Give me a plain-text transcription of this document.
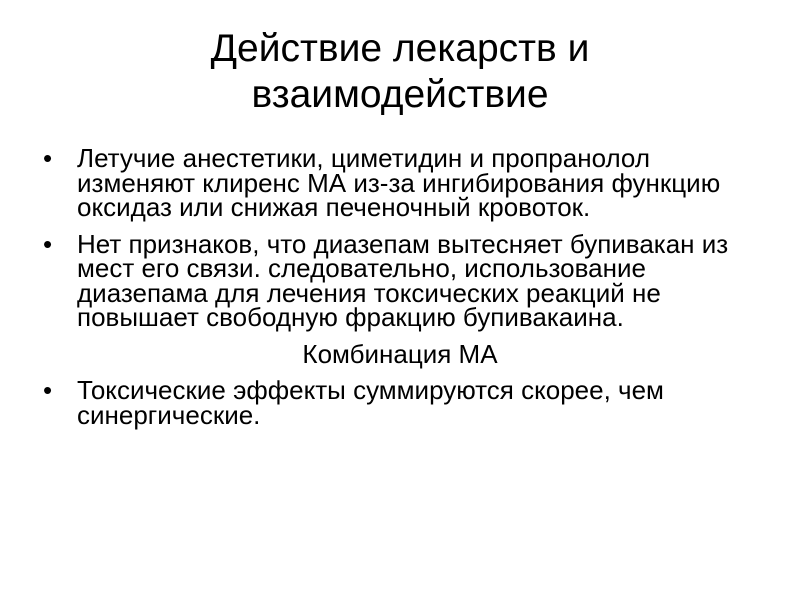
Действие лекарств и
взаимодействие
• Летучие анестетики, циметидин и пропранолол изменяют клиренс МА из-за ингибирования функцию оксидаз или снижая печеночный кровоток.
• Нет признаков, что диазепам вытесняет бупивакан из мест его связи. следовательно, использование диазепама для лечения токсических реакций не повышает свободную фракцию бупивакаина.
Комбинация МА
• Токсические эффекты суммируются скорее, чем синергические.
